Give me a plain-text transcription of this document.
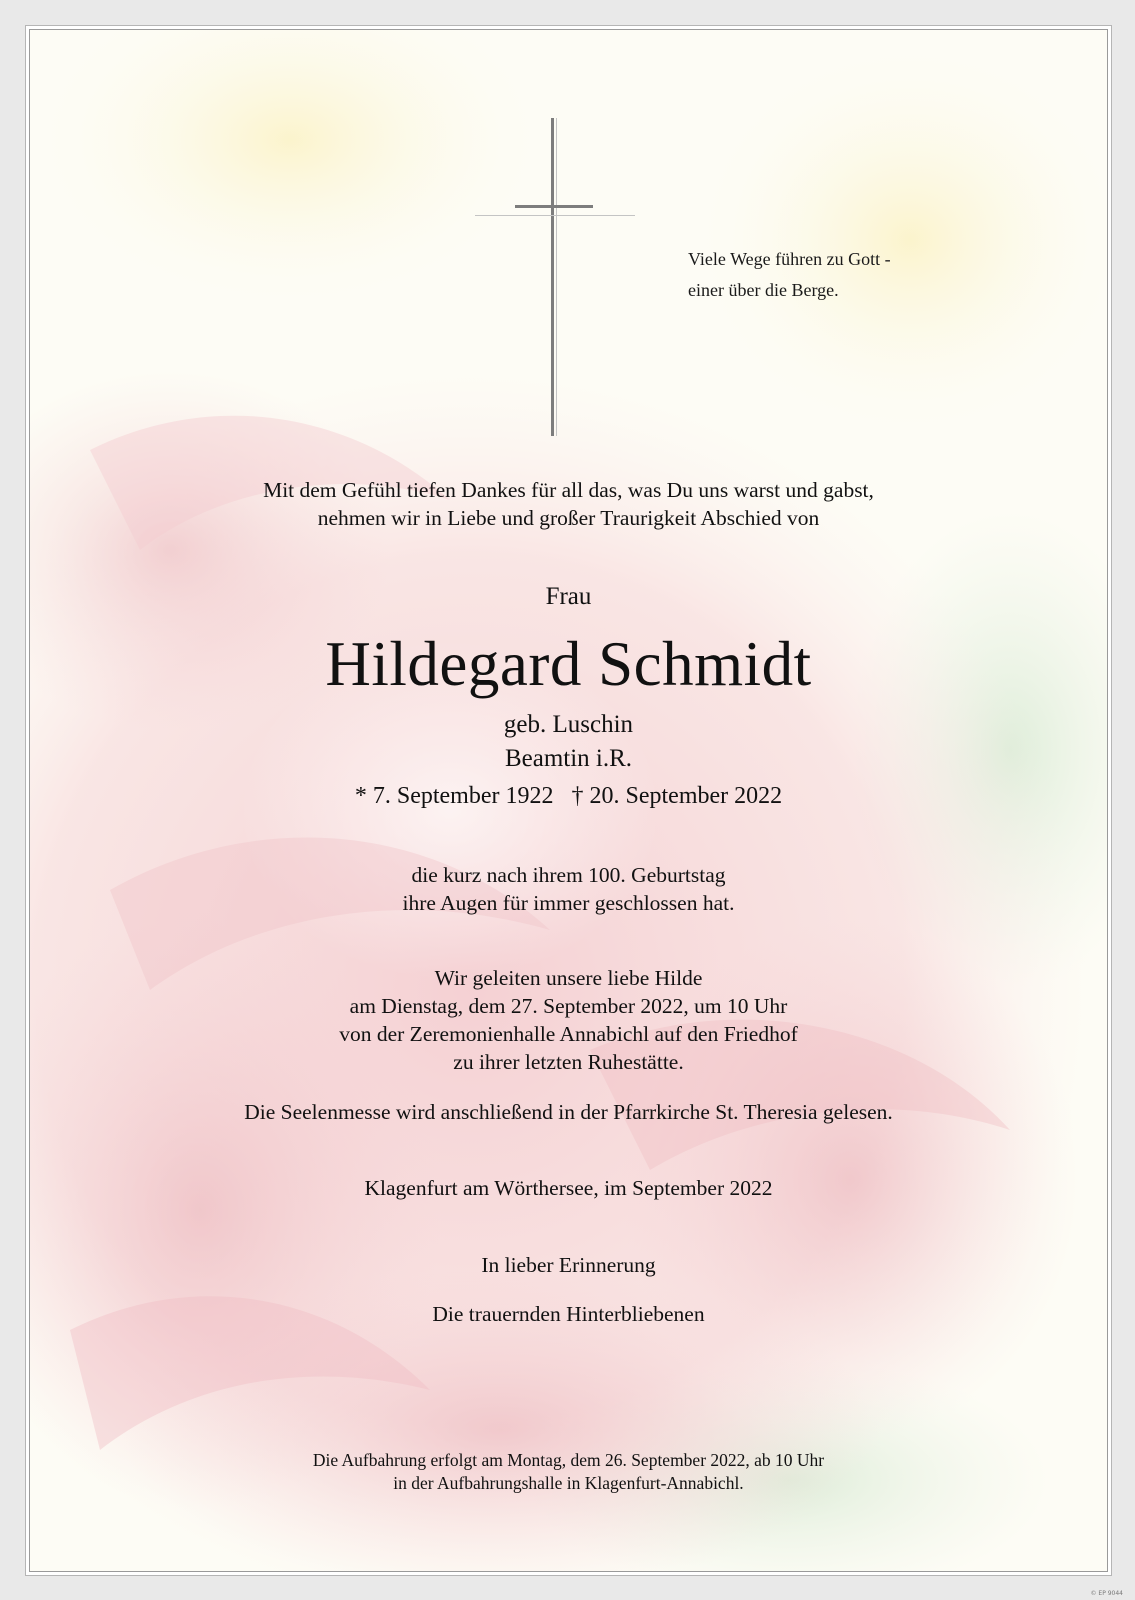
Viele Wege führen zu Gott -
einer über die Berge.
Mit dem Gefühl tiefen Dankes für all das, was Du uns warst und gabst,
nehmen wir in Liebe und großer Traurigkeit Abschied von
Frau
Hildegard Schmidt
geb. Luschin
Beamtin i.R.
* 7. September 1922 † 20. September 2022
die kurz nach ihrem 100. Geburtstag
ihre Augen für immer geschlossen hat.
Wir geleiten unsere liebe Hilde
am Dienstag, dem 27. September 2022, um 10 Uhr
von der Zeremonienhalle Annabichl auf den Friedhof
zu ihrer letzten Ruhestätte.
Die Seelenmesse wird anschließend in der Pfarrkirche St. Theresia gelesen.
Klagenfurt am Wörthersee, im September 2022
In lieber Erinnerung
Die trauernden Hinterbliebenen
Die Aufbahrung erfolgt am Montag, dem 26. September 2022, ab 10 Uhr
in der Aufbahrungshalle in Klagenfurt-Annabichl.
© EP 9044
